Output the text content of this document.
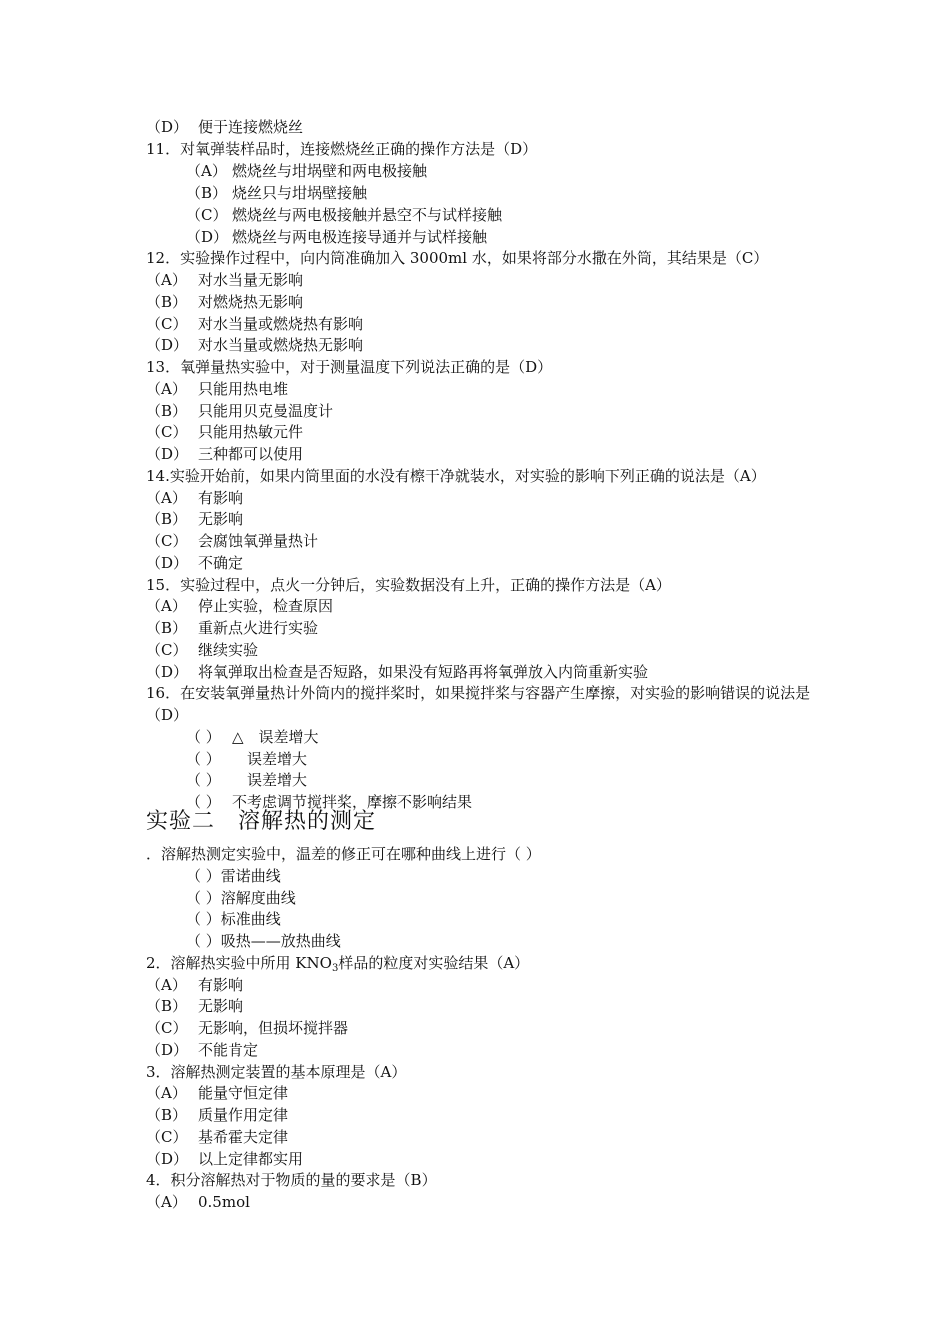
（D） 便于连接燃烧丝
11．对氧弹装样品时，连接燃烧丝正确的操作方法是（D）
（A） 燃烧丝与坩埚壁和两电极接触
（B） 烧丝只与坩埚壁接触
（C） 燃烧丝与两电极接触并悬空不与试样接触
（D） 燃烧丝与两电极连接导通并与试样接触
12．实验操作过程中，向内筒准确加入 3000ml 水，如果将部分水撒在外筒，其结果是（C）
（A） 对水当量无影响
（B） 对燃烧热无影响
（C） 对水当量或燃烧热有影响
（D） 对水当量或燃烧热无影响
13．氧弹量热实验中，对于测量温度下列说法正确的是（D）
（A） 只能用热电堆
（B） 只能用贝克曼温度计
（C） 只能用热敏元件
（D） 三种都可以使用
14.实验开始前，如果内筒里面的水没有檫干净就装水，对实验的影响下列正确的说法是（A）
（A） 有影响
（B） 无影响
（C） 会腐蚀氧弹量热计
（D） 不确定
15．实验过程中，点火一分钟后，实验数据没有上升，正确的操作方法是（A）
（A） 停止实验，检查原因
（B） 重新点火进行实验
（C） 继续实验
（D） 将氧弹取出检查是否短路，如果没有短路再将氧弹放入内筒重新实验
16．在安装氧弹量热计外筒内的搅拌桨时，如果搅拌桨与容器产生摩擦，对实验的影响错误的说法是（D）
（ ） △　误差增大
（ ）　误差增大
（ ）　误差增大
（ ） 不考虑调节搅拌桨，摩擦不影响结果
实验二　溶解热的测定
．溶解热测定实验中，温差的修正可在哪种曲线上进行（ ）
（ ）雷诺曲线
（ ）溶解度曲线
（ ）标准曲线
（ ）吸热——放热曲线
2．溶解热实验中所用 $KNO_3$样品的粒度对实验结果（A）
（A） 有影响
（B） 无影响
（C） 无影响，但损坏搅拌器
（D） 不能肯定
3．溶解热测定装置的基本原理是（A）
（A） 能量守恒定律
（B） 质量作用定律
（C） 基希霍夫定律
（D） 以上定律都实用
4．积分溶解热对于物质的量的要求是（B）
（A） 0.5mol
